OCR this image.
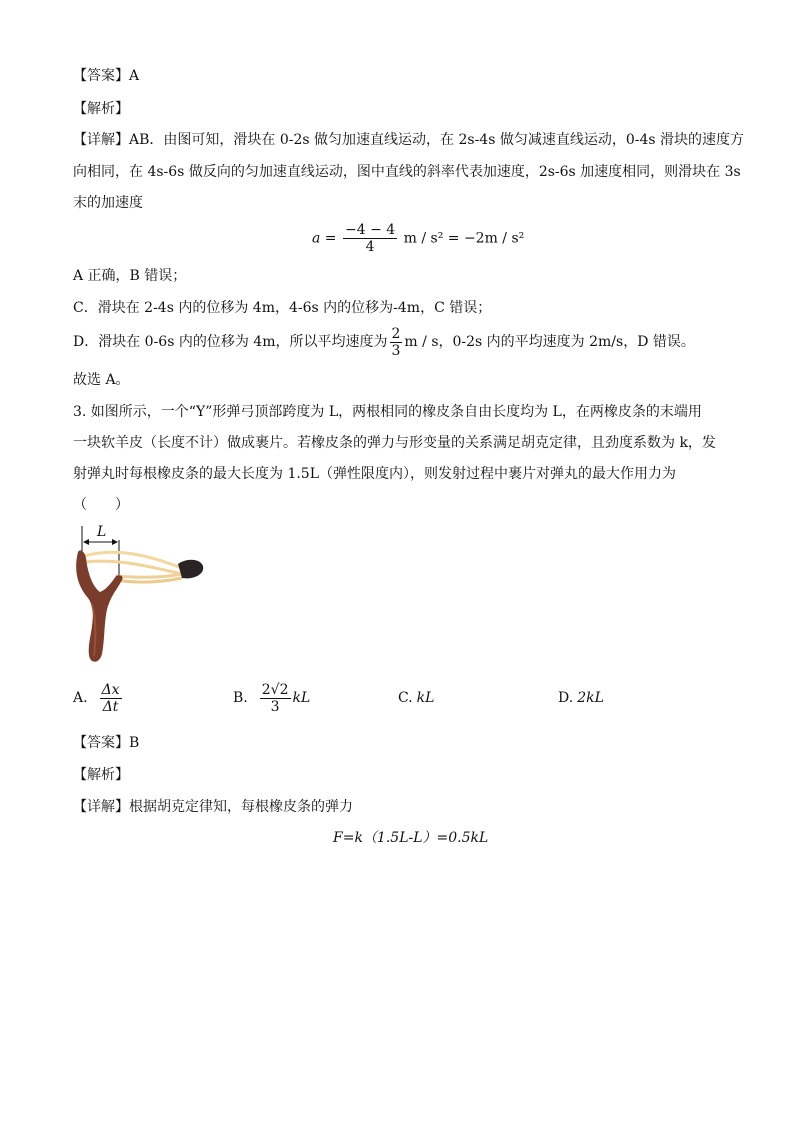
【答案】A
【解析】
【详解】AB．由图可知，滑块在 0-2s 做匀加速直线运动，在 2s-4s 做匀减速直线运动，0-4s 滑块的速度方
向相同，在 4s-6s 做反向的匀加速直线运动，图中直线的斜率代表加速度，2s-6s 加速度相同，则滑块在 3s
末的加速度
$a = \frac{-4 - 4}{4}$ m / s² = −2m / s²
A 正确，B 错误；
C．滑块在 2-4s 内的位移为 4m，4-6s 内的位移为-4m，C 错误；
D．滑块在 0-6s 内的位移为 4m，所以平均速度为 $\frac{2}{3}$ m / s，0-2s 内的平均速度为 2m/s，D 错误。
故选 A。
3. 如图所示，一个“Y”形弹弓顶部跨度为 L，两根相同的橡皮条自由长度均为 L，在两橡皮条的末端用
一块软羊皮（长度不计）做成裹片。若橡皮条的弹力与形变量的关系满足胡克定律，且劲度系数为 k，发
射弹丸时每根橡皮条的最大长度为 1.5L（弹性限度内），则发射过程中裹片对弹丸的最大作用力为
（　　）
L
A. $\frac{\Delta x}{\Delta t}$	B. $\frac{2√2}{3}$ kL	C. kL	D. 2kL
【答案】B
【解析】
【详解】根据胡克定律知，每根橡皮条的弹力
F=k（1.5L-L）=0.5kL
